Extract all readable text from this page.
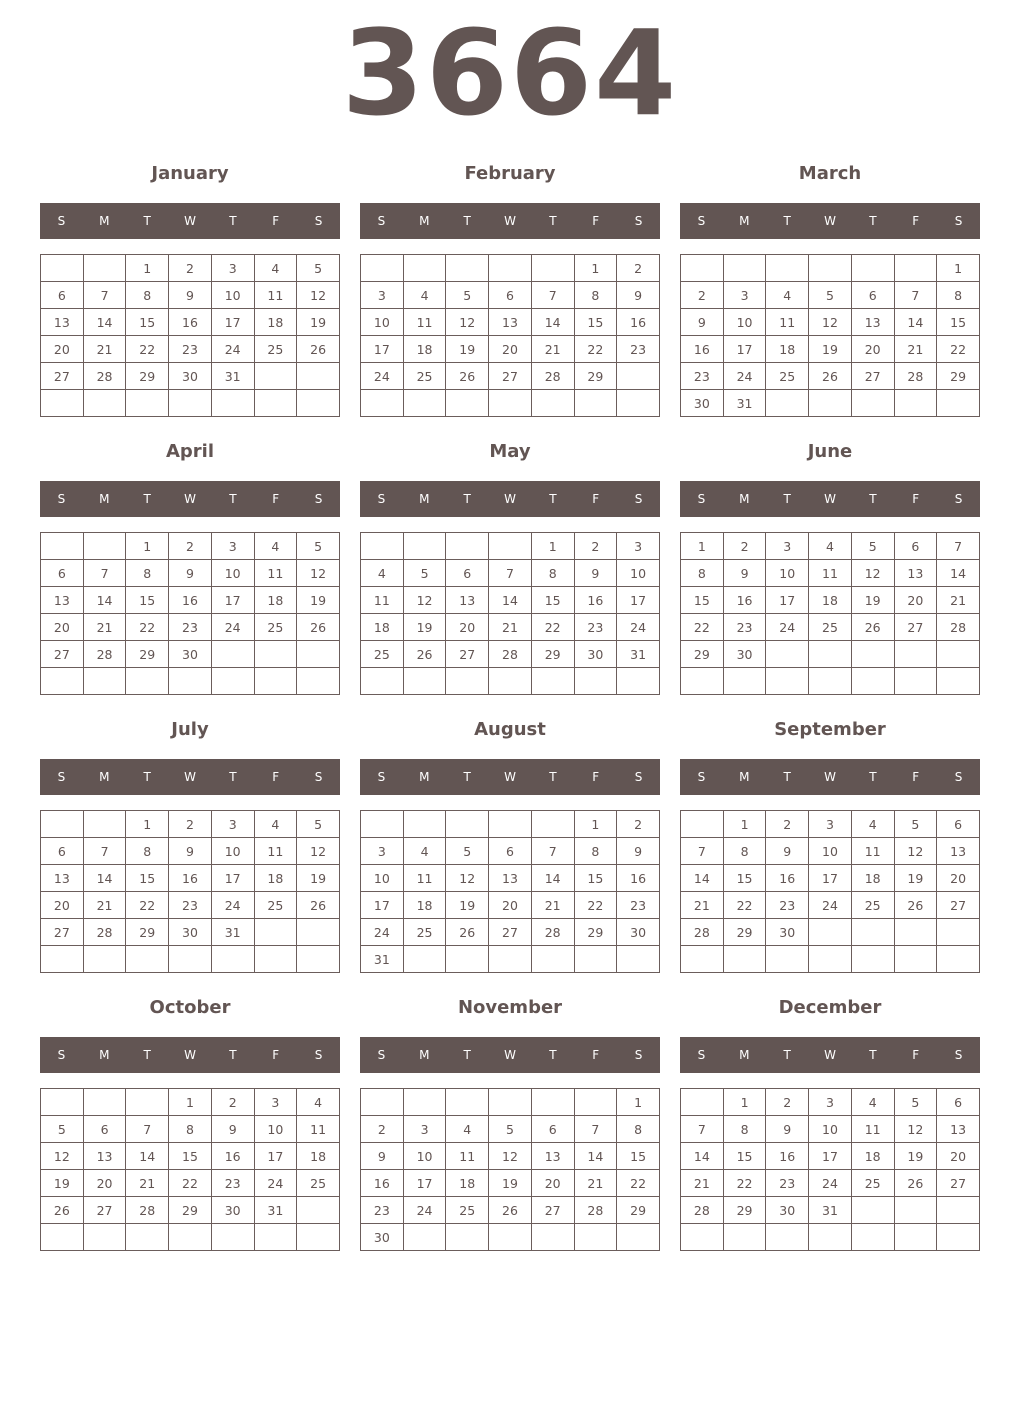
3664
January
S	M	T	W	T	F	S
		1	2	3	4	5
6	7	8	9	10	11	12
13	14	15	16	17	18	19
20	21	22	23	24	25	26
27	28	29	30	31		

February
S	M	T	W	T	F	S
					1	2
3	4	5	6	7	8	9
10	11	12	13	14	15	16
17	18	19	20	21	22	23
24	25	26	27	28	29	

March
S	M	T	W	T	F	S
						1
2	3	4	5	6	7	8
9	10	11	12	13	14	15
16	17	18	19	20	21	22
23	24	25	26	27	28	29
30	31					
April
S	M	T	W	T	F	S
		1	2	3	4	5
6	7	8	9	10	11	12
13	14	15	16	17	18	19
20	21	22	23	24	25	26
27	28	29	30			

May
S	M	T	W	T	F	S
				1	2	3
4	5	6	7	8	9	10
11	12	13	14	15	16	17
18	19	20	21	22	23	24
25	26	27	28	29	30	31

June
S	M	T	W	T	F	S
1	2	3	4	5	6	7
8	9	10	11	12	13	14
15	16	17	18	19	20	21
22	23	24	25	26	27	28
29	30					

July
S	M	T	W	T	F	S
		1	2	3	4	5
6	7	8	9	10	11	12
13	14	15	16	17	18	19
20	21	22	23	24	25	26
27	28	29	30	31		

August
S	M	T	W	T	F	S
					1	2
3	4	5	6	7	8	9
10	11	12	13	14	15	16
17	18	19	20	21	22	23
24	25	26	27	28	29	30
31						
September
S	M	T	W	T	F	S
	1	2	3	4	5	6
7	8	9	10	11	12	13
14	15	16	17	18	19	20
21	22	23	24	25	26	27
28	29	30				

October
S	M	T	W	T	F	S
			1	2	3	4
5	6	7	8	9	10	11
12	13	14	15	16	17	18
19	20	21	22	23	24	25
26	27	28	29	30	31	

November
S	M	T	W	T	F	S
						1
2	3	4	5	6	7	8
9	10	11	12	13	14	15
16	17	18	19	20	21	22
23	24	25	26	27	28	29
30						
December
S	M	T	W	T	F	S
	1	2	3	4	5	6
7	8	9	10	11	12	13
14	15	16	17	18	19	20
21	22	23	24	25	26	27
28	29	30	31			
